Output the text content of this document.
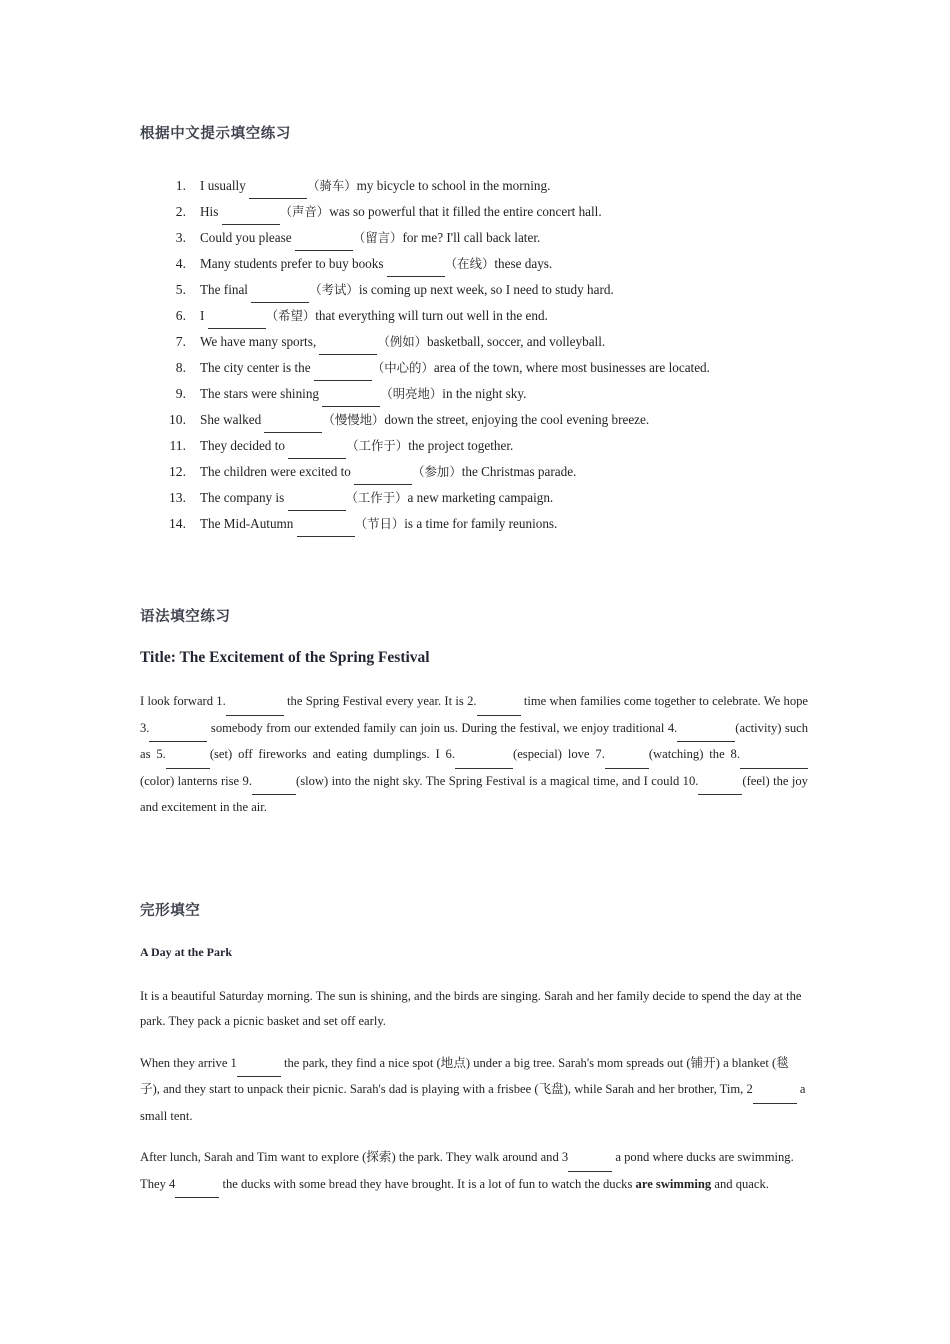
根据中文提示填空练习
1.	I usually	（骑车）my bicycle to school in the morning.
2.	His	（声音）was so powerful that it filled the entire concert hall.
3.	Could you please	（留言）for me? I'll call back later.
4.	Many students prefer to buy books	（在线）these days.
5.	The final	（考试）is coming up next week, so I need to study hard.
6.	I	（希望）that everything will turn out well in the end.
7.	We have many sports,	（例如）basketball, soccer, and volleyball.
8.	The city center is the	（中心的）area of the town, where most businesses are located.
9.	The stars were shining	（明亮地）in the night sky.
10.	She walked	（慢慢地）down the street, enjoying the cool evening breeze.
11.	They decided to	（工作于）the project together.
12.	The children were excited to	（参加）the Christmas parade.
13.	The company is	（工作于）a new marketing campaign.
14.	The Mid-Autumn	（节日）is a time for family reunions.
语法填空练习
Title: The Excitement of the Spring Festival

I look forward 1.	the Spring Festival every year. It is 2.	time when families come together to celebrate. We hope 3.	somebody from our extended family can join us. During the festival, we enjoy traditional 4.	(activity) such as 5.	(set) off fireworks and eating dumplings. I 6.	(especial) love 7.	(watching) the 8. (color) lanterns rise 9.	(slow) into the night sky. The Spring Festival is a magical time, and I could 10.	(feel) the joy and excitement in the air.

完形填空
A Day at the Park

It is a beautiful Saturday morning. The sun is shining, and the birds are singing. Sarah and her family decide to spend the day at the park. They pack a picnic basket and set off early.

When they arrive 1	the park, they find a nice spot (地点) under a big tree. Sarah's mom spreads out (铺开) a blanket (毯子), and they start to unpack their picnic. Sarah's dad is playing with a frisbee (飞盘), while Sarah and her brother, Tim, 2	a small tent.

After lunch, Sarah and Tim want to explore (探索) the park. They walk around and 3	a pond where ducks are swimming. They 4	the ducks with some bread they have brought. It is a lot of fun to watch the ducks are swimming and quack.
